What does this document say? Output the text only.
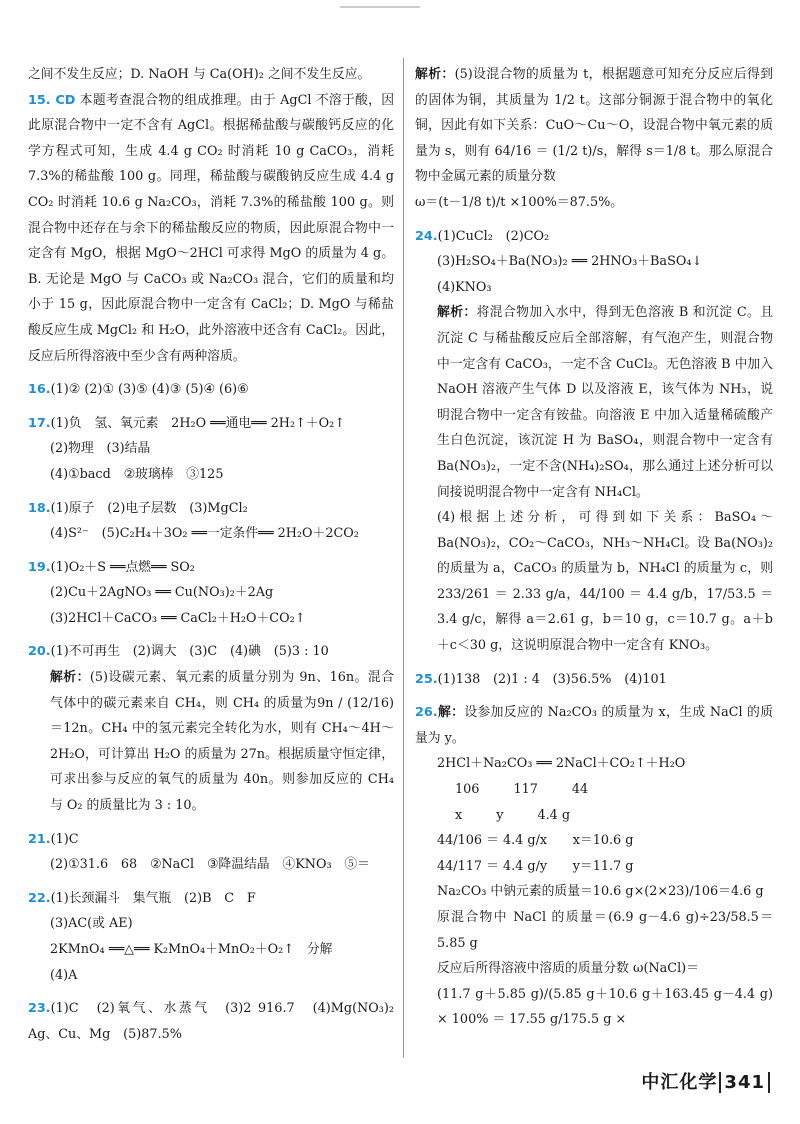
之间不发生反应；D. NaOH 与 Ca(OH)₂ 之间不发生反应。

15. CD 本题考查混合物的组成推理。由于 AgCl 不溶于酸，因此原混合物中一定不含有 AgCl。根据稀盐酸与碳酸钙反应的化学方程式可知，生成 4.4 g CO₂ 时消耗 10 g CaCO₃，消耗 7.3%的稀盐酸 100 g。同理，稀盐酸与碳酸钠反应生成 4.4 g CO₂ 时消耗 10.6 g Na₂CO₃，消耗 7.3%的稀盐酸 100 g。则混合物中还存在与余下的稀盐酸反应的物质，因此原混合物中一定含有 MgO，根据 MgO～2HCl 可求得 MgO 的质量为 4 g。B. 无论是 MgO 与 CaCO₃ 或 Na₂CO₃ 混合，它们的质量和均小于 15 g，因此原混合物中一定含有 CaCl₂；D. MgO 与稀盐酸反应生成 MgCl₂ 和 H₂O，此外溶液中还含有 CaCl₂。因此，反应后所得溶液中至少含有两种溶质。

16.(1)② (2)① (3)⑤ (4)③ (5)④ (6)⑥

17.(1)负　氢、氧元素　2H₂O ══通电══ 2H₂↑＋O₂↑

(2)物理　(3)结晶

(4)①bacd　②玻璃棒　③125

18.(1)原子　(2)电子层数　(3)MgCl₂

(4)S²⁻　(5)C₂H₄＋3O₂ ══一定条件══ 2H₂O＋2CO₂

19.(1)O₂＋S ══点燃══ SO₂

(2)Cu＋2AgNO₃ ══ Cu(NO₃)₂＋2Ag

(3)2HCl＋CaCO₃ ══ CaCl₂＋H₂O＋CO₂↑

20.(1)不可再生　(2)调大　(3)C　(4)碘　(5)3 : 10

解析：(5)设碳元素、氧元素的质量分别为 9n、16n。混合气体中的碳元素来自 CH₄，则 CH₄ 的质量为9n / (12/16) ＝12n。CH₄ 中的氢元素完全转化为水，则有 CH₄～4H～2H₂O，可计算出 H₂O 的质量为 27n。根据质量守恒定律，可求出参与反应的氧气的质量为 40n。则参加反应的 CH₄ 与 O₂ 的质量比为 3 : 10。

21.(1)C

(2)①31.6　68　②NaCl　③降温结晶　④KNO₃　⑤＝

22.(1)长颈漏斗　集气瓶　(2)B　C　F

(3)AC(或 AE)

2KMnO₄ ══△══ K₂MnO₄＋MnO₂＋O₂↑　分解

(4)A

23.(1)C　(2)氧气、水蒸气　(3)2 916.7　(4)Mg(NO₃)₂　Ag、Cu、Mg　(5)87.5%

解析：(5)设混合物的质量为 t，根据题意可知充分反应后得到的固体为铜，其质量为 1/2 t。这部分铜源于混合物中的氧化铜，因此有如下关系：CuO～Cu～O，设混合物中氧元素的质量为 s，则有 64/16 ＝ (1/2 t)/s，解得 s＝1/8 t。那么原混合物中金属元素的质量分数

ω＝(t－1/8 t)/t ×100%＝87.5%。

24.(1)CuCl₂　(2)CO₂

(3)H₂SO₄＋Ba(NO₃)₂ ══ 2HNO₃＋BaSO₄↓

(4)KNO₃

解析：将混合物加入水中，得到无色溶液 B 和沉淀 C。且沉淀 C 与稀盐酸反应后全部溶解，有气泡产生，则混合物中一定含有 CaCO₃，一定不含 CuCl₂。无色溶液 B 中加入 NaOH 溶液产生气体 D 以及溶液 E，该气体为 NH₃，说明混合物中一定含有铵盐。向溶液 E 中加入适量稀硫酸产生白色沉淀，该沉淀 H 为 BaSO₄，则混合物中一定含有 Ba(NO₃)₂，一定不含(NH₄)₂SO₄，那么通过上述分析可以间接说明混合物中一定含有 NH₄Cl。

(4)根据上述分析，可得到如下关系：BaSO₄～Ba(NO₃)₂，CO₂～CaCO₃，NH₃～NH₄Cl。设 Ba(NO₃)₂ 的质量为 a，CaCO₃ 的质量为 b，NH₄Cl 的质量为 c，则 233/261 ＝ 2.33 g/a，44/100 ＝ 4.4 g/b，17/53.5 ＝ 3.4 g/c，解得 a＝2.61 g，b＝10 g，c＝10.7 g。a＋b＋c＜30 g，这说明原混合物中一定含有 KNO₃。

25.(1)138　(2)1 : 4　(3)56.5%　(4)101

26.解：设参加反应的 Na₂CO₃ 的质量为 x，生成 NaCl 的质量为 y。

2HCl＋Na₂CO₃ ══ 2NaCl＋CO₂↑＋H₂O

106	117	44
x	y	4.4 g

44/106 ＝ 4.4 g/x　　 x＝10.6 g

44/117 ＝ 4.4 g/y　　 y＝11.7 g

Na₂CO₃ 中钠元素的质量＝10.6 g×(2×23)/106＝4.6 g

原混合物中 NaCl 的质量＝(6.9 g－4.6 g)÷23/58.5＝5.85 g

反应后所得溶液中溶质的质量分数 ω(NaCl)＝

(11.7 g＋5.85 g)/(5.85 g＋10.6 g＋163.45 g－4.4 g) × 100% ＝ 17.55 g/175.5 g ×

中汇化学 341
